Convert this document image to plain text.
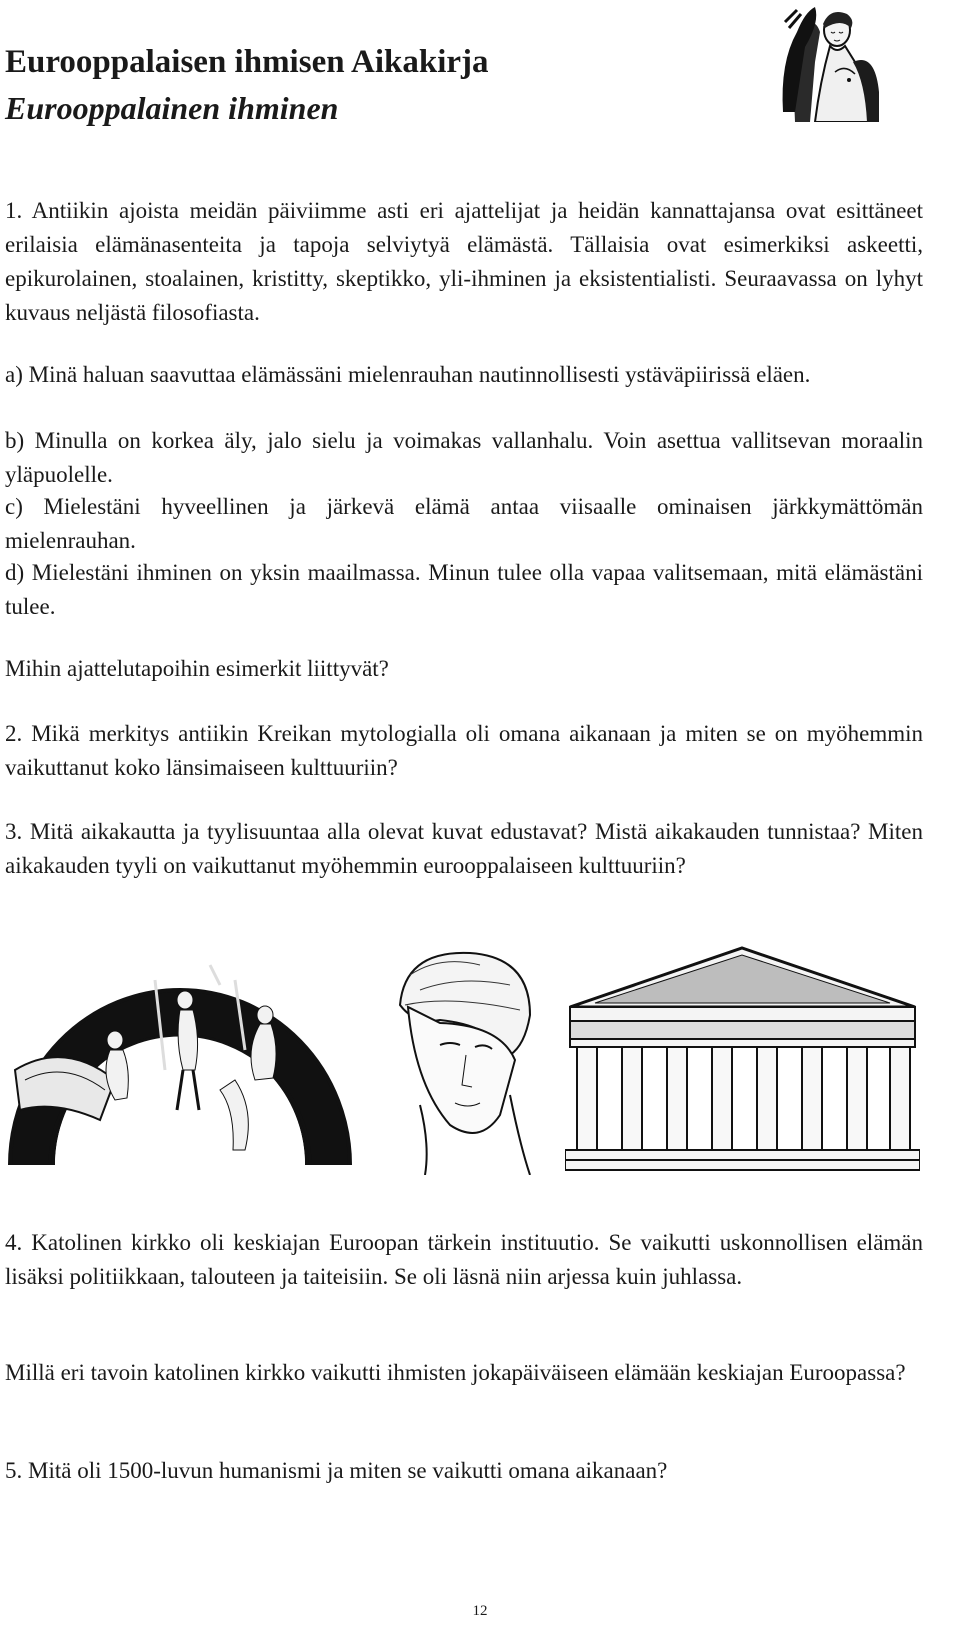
Eurooppalaisen ihmisen Aikakirja
Eurooppalainen ihminen

1. Antiikin ajoista meidän päiviimme asti eri ajattelijat ja heidän kannattajansa ovat esittäneet erilaisia elämänasenteita ja tapoja selviytyä elämästä. Tällaisia ovat esimerkiksi askeetti, epikurolainen, stoalainen, kristitty, skeptikko, yli-ihminen ja eksistentialisti. Seuraavassa on lyhyt kuvaus neljästä filosofiasta.

a) Minä haluan saavuttaa elämässäni mielenrauhan nautinnollisesti ystäväpiirissä eläen.

b) Minulla on korkea äly, jalo sielu ja voimakas vallanhalu. Voin asettua vallitsevan moraalin yläpuolelle.

c) Mielestäni hyveellinen ja järkevä elämä antaa viisaalle ominaisen järkkymättömän mielenrauhan.

d) Mielestäni ihminen on yksin maailmassa. Minun tulee olla vapaa valitsemaan, mitä elämästäni tulee.

Mihin ajattelutapoihin esimerkit liittyvät?

2. Mikä merkitys antiikin Kreikan mytologialla oli omana aikanaan ja miten se on myöhemmin vaikuttanut koko länsimaiseen kulttuuriin?

3. Mitä aikakautta ja tyylisuuntaa alla olevat kuvat edustavat? Mistä aikakauden tunnistaa? Miten aikakauden tyyli on vaikuttanut myöhemmin eurooppalaiseen kulttuuriin?

4. Katolinen kirkko oli keskiajan Euroopan tärkein instituutio. Se vaikutti uskonnollisen elämän lisäksi politiikkaan, talouteen ja taiteisiin. Se oli läsnä niin arjessa kuin juhlassa.

Millä eri tavoin katolinen kirkko vaikutti ihmisten jokapäiväiseen elämään keskiajan Euroopassa?

5. Mitä oli 1500-luvun humanismi ja miten se vaikutti omana aikanaan?

12
